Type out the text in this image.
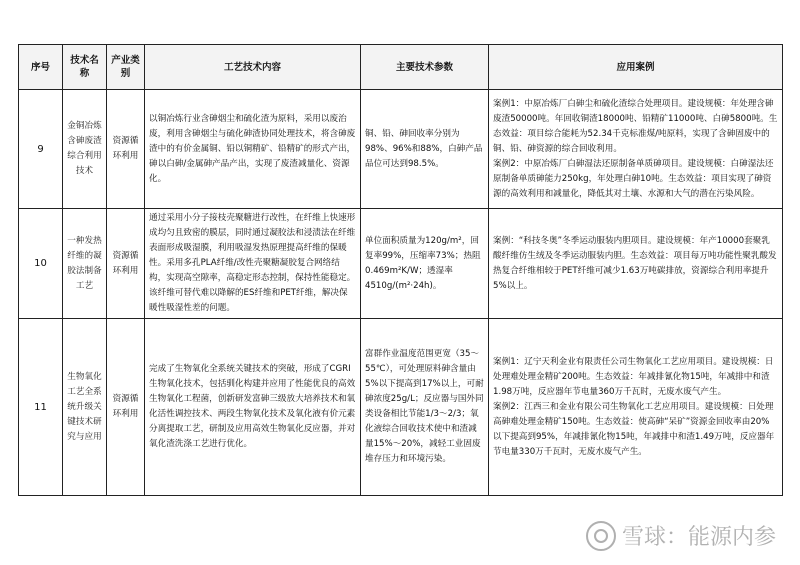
序号	技术名称	产业类别	工艺技术内容	主要技术参数	应用案例
9	金铜冶炼含砷废渣综合利用技术	资源循环利用	以铜冶炼行业含砷烟尘和硫化渣为原料，采用以废治废，利用含砷烟尘与硫化砷渣协同处理技术，将含砷废渣中的有价金属铜、铅以铜精矿、铅精矿的形式产出，砷以白砷/金属砷产品产出，实现了废渣减量化、资源化。	铜、铅、砷回收率分别为98%、96%和88%，白砷产品品位可达到98.5%。	案例1：中原冶炼厂白砷尘和硫化渣综合处理项目。建设规模：年处理含砷废渣50000吨。年回收铜渣18000吨、铅精矿11000吨、白砷5800吨。生态效益：项目综合能耗为52.34千克标准煤/吨原料，实现了含砷固废中的铜、铅、砷资源的综合回收利用。
案例2：中原冶炼厂白砷湿法还原制备单质砷项目。建设规模：白砷湿法还原制备单质砷能力250kg，年处理白砷10吨。生态效益：项目实现了砷资源的高效利用和减量化，降低其对土壤、水源和大气的潜在污染风险。

10	一种发热纤维的凝胶法制备工艺	资源循环利用	通过采用小分子接枝壳聚糖进行改性，在纤维上快速形成均匀且致密的膜层，同时通过凝胶法和浸渍法在纤维表面形成吸湿膜，利用吸湿发热原理提高纤维的保暖性。采用多孔PLA纤维/改性壳聚糖凝胶复合网络结构，实现高空隙率，高稳定形态控制，保持性能稳定。该纤维可替代难以降解的ES纤维和PET纤维，解决保暖性吸湿性差的问题。	单位面积质量为120g/m²，回复率99%，压缩率73%；热阻0.469m²K/W；透湿率4510g/(m²·24h)。	案例：“科技冬奥”冬季运动服装内胆项目。建设规模：年产10000套聚乳酸纤维仿生绒及冬季运动服装内胆。生态效益：项目每万吨功能性聚乳酸发热复合纤维相较于PET纤维可减少1.63万吨碳排放，资源综合利用率提升5%以上。

11	生物氧化工艺全系统升级关键技术研究与应用	资源循环利用	完成了生物氧化全系统关键技术的突破，形成了CGRI生物氧化技术，包括驯化构建并应用了性能优良的高效生物氧化工程菌，创新研发富砷三级放大培养技术和氧化活性调控技术、两段生物氧化技术及氧化液有价元素分离提取工艺，研制及应用高效生物氧化反应器，并对氧化渣洗涤工艺进行优化。	富群作业温度范围更宽（35～55℃），可处理原料砷含量由5%以下提高到17%以上，可耐砷浓度25g/L；反应器与国外同类设备相比节能1/3～2/3；氧化液综合回收技术使中和渣减量15%～20%，减轻工业固废堆存压力和环境污染。	案例1：辽宁天利金业有限责任公司生物氧化工艺应用项目。建设规模：日处理难处理金精矿200吨。生态效益：年减排氰化物15吨，年减排中和渣1.98万吨，反应器年节电量360万千瓦时，无废水废气产生。
案例2：江西三和金业有限公司生物氧化工艺应用项目。建设规模：日处理高砷难处理金精矿150吨。生态效益：使高砷“呆矿”资源金回收率由20%以下提高到95%，年减排氰化物15吨，年减排中和渣1.49万吨，反应器年节电量330万千瓦时，无废水废气产生。
雪球：能源内参
